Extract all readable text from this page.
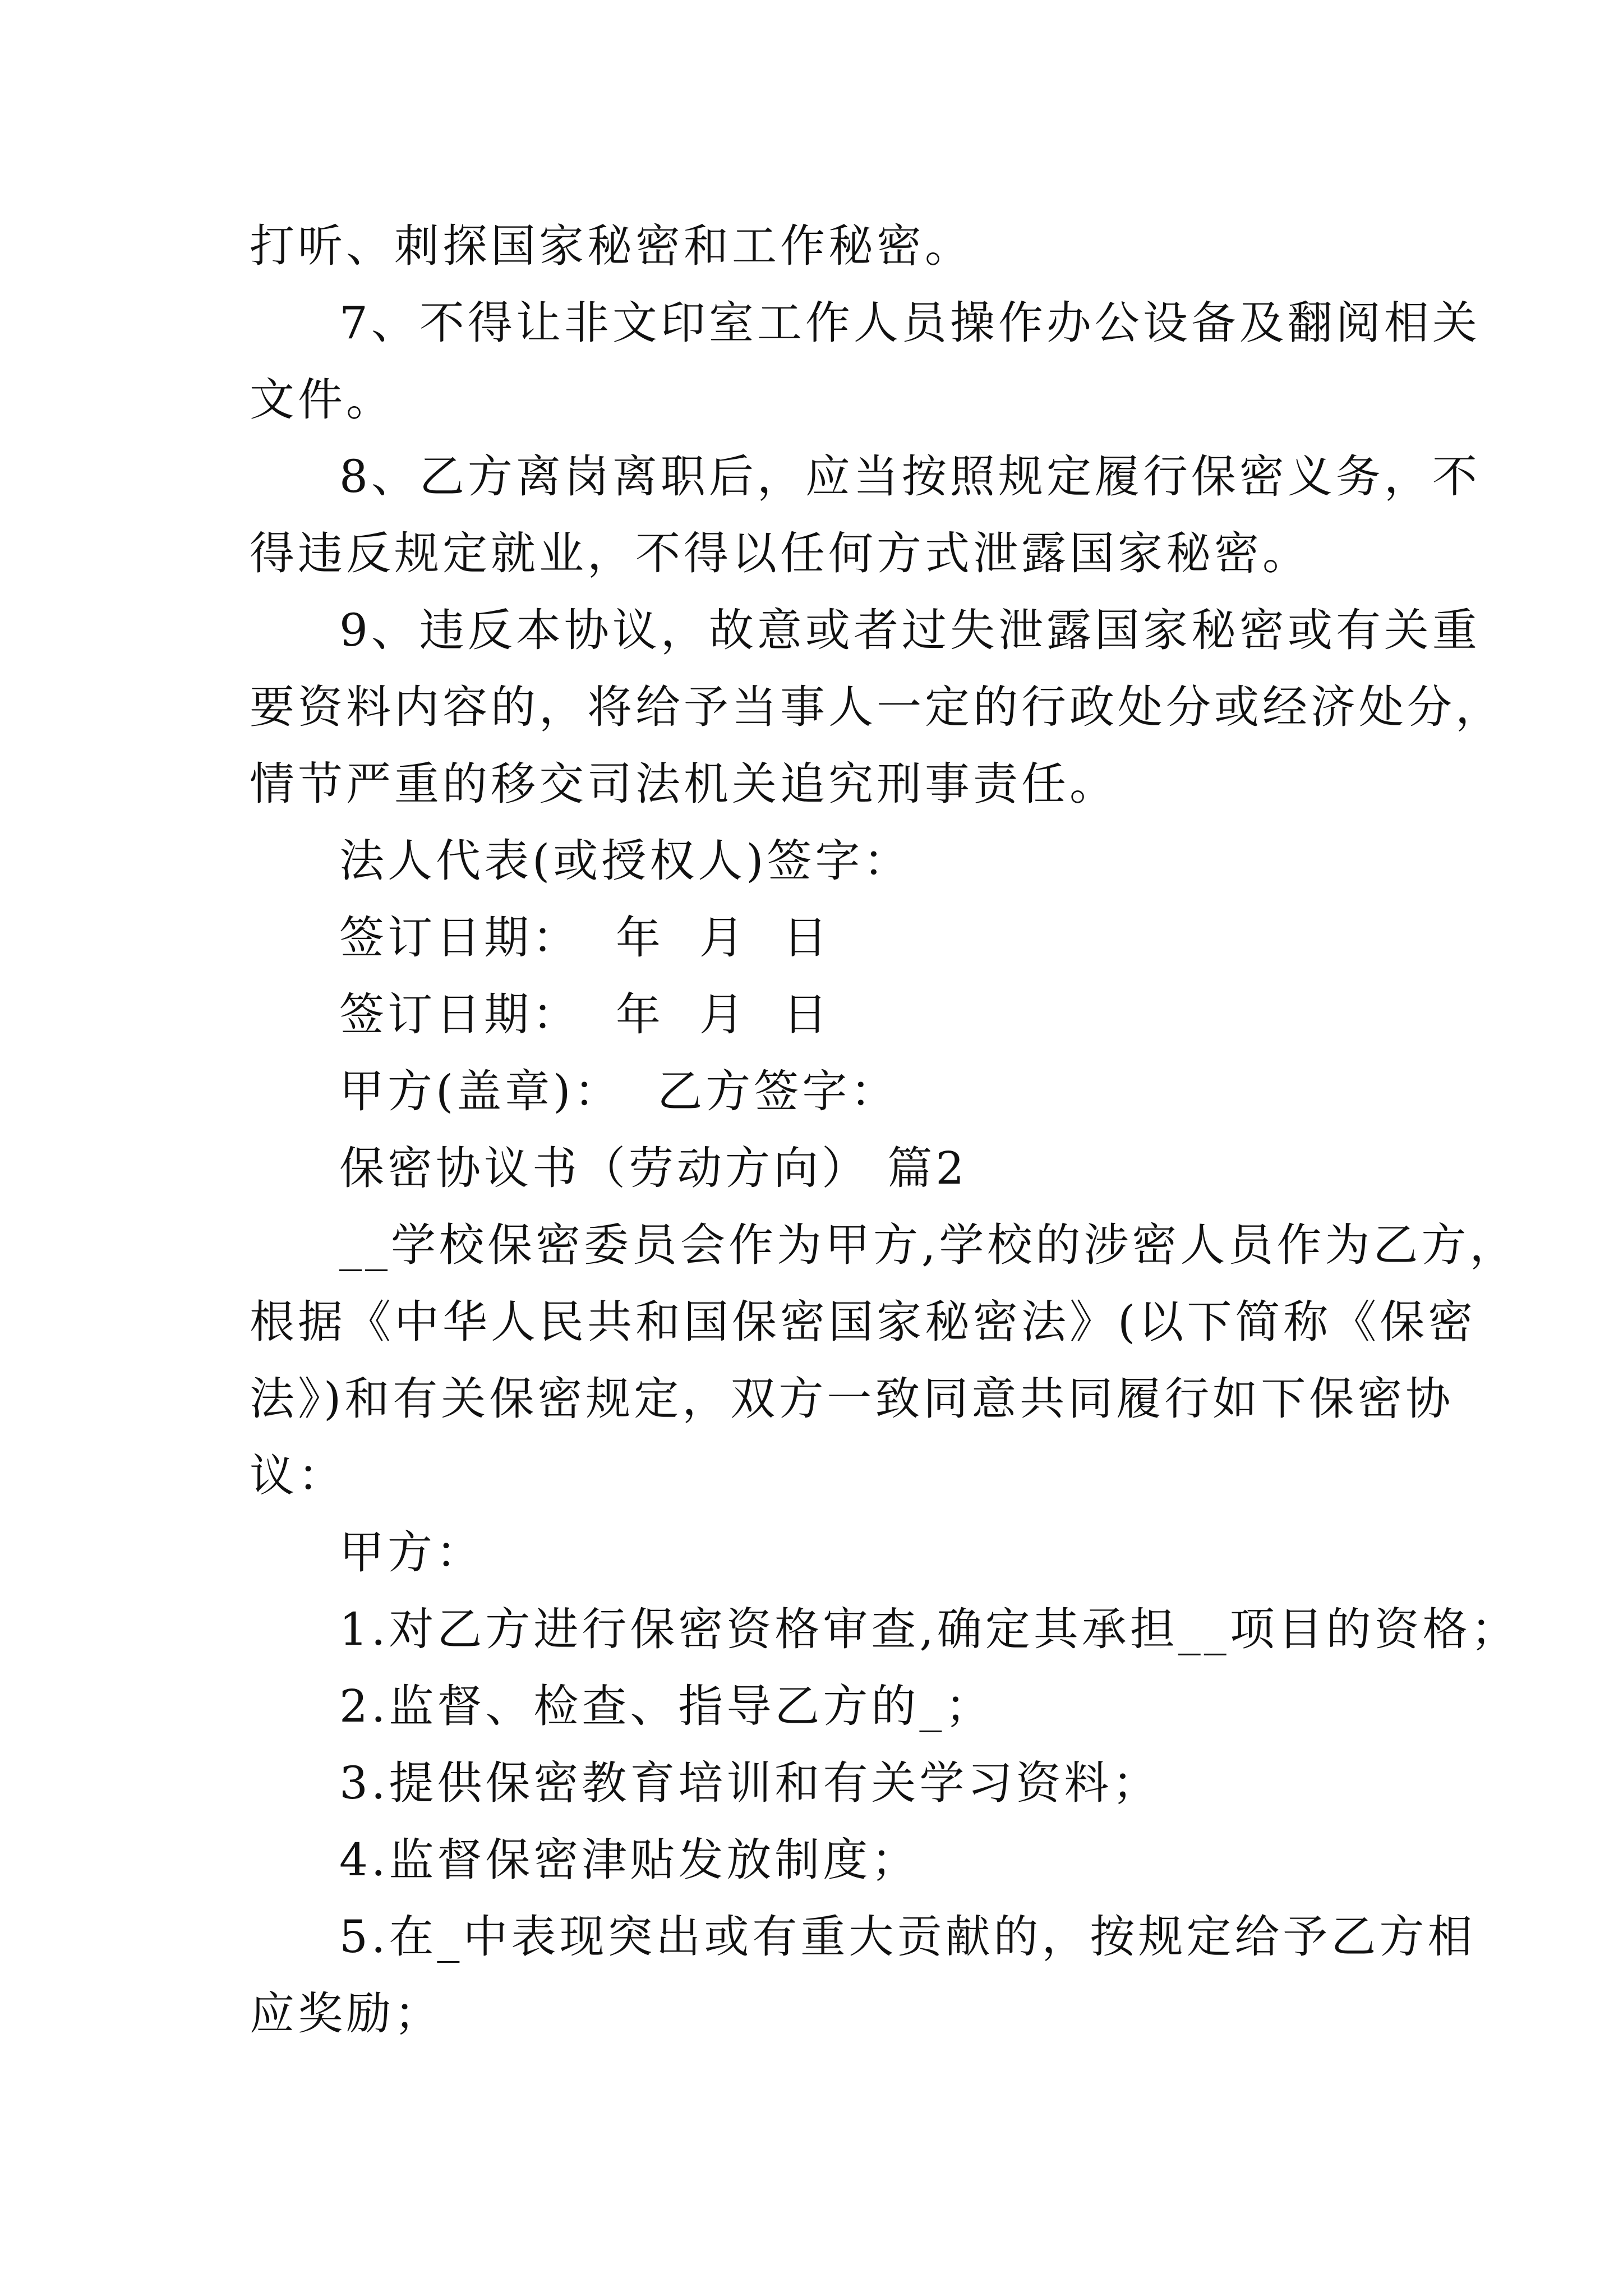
打听、刺探国家秘密和工作秘密。
7、不得让非文印室工作人员操作办公设备及翻阅相关
文件。
8、乙方离岗离职后，应当按照规定履行保密义务，不
得违反规定就业，不得以任何方式泄露国家秘密。
9、违反本协议，故意或者过失泄露国家秘密或有关重
要资料内容的，将给予当事人一定的行政处分或经济处分，
情节严重的移交司法机关追究刑事责任。
法人代表(或授权人)签字：
签订日期：  年  月  日
签订日期：  年  月  日
甲方(盖章)：  乙方签字：
保密协议书（劳动方向） 篇2
__学校保密委员会作为甲方,学校的涉密人员作为乙方，
根据《中华人民共和国保密国家秘密法》(以下简称《保密
法》)和有关保密规定，双方一致同意共同履行如下保密协
议：
甲方：
1.对乙方进行保密资格审查,确定其承担__项目的资格；
2.监督、检查、指导乙方的_；
3.提供保密教育培训和有关学习资料；
4.监督保密津贴发放制度；
5.在_中表现突出或有重大贡献的，按规定给予乙方相
应奖励；
